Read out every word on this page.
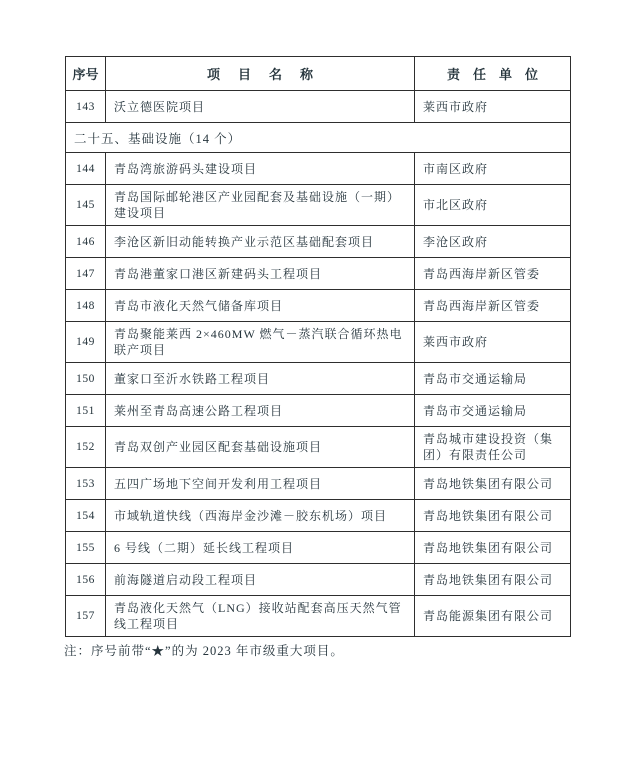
序号	项目名称	责任单位
143	沃立德医院项目	莱西市政府
二十五、基础设施（14 个）		
144	青岛湾旅游码头建设项目	市南区政府
145	青岛国际邮轮港区产业园配套及基础设施（一期）建设项目	市北区政府
146	李沧区新旧动能转换产业示范区基础配套项目	李沧区政府
147	青岛港董家口港区新建码头工程项目	青岛西海岸新区管委
148	青岛市液化天然气储备库项目	青岛西海岸新区管委
149	青岛聚能莱西 2×460MW 燃气－蒸汽联合循环热电联产项目	莱西市政府
150	董家口至沂水铁路工程项目	青岛市交通运输局
151	莱州至青岛高速公路工程项目	青岛市交通运输局
152	青岛双创产业园区配套基础设施项目	青岛城市建设投资（集团）有限责任公司
153	五四广场地下空间开发利用工程项目	青岛地铁集团有限公司
154	市域轨道快线（西海岸金沙滩－胶东机场）项目	青岛地铁集团有限公司
155	6 号线（二期）延长线工程项目	青岛地铁集团有限公司
156	前海隧道启动段工程项目	青岛地铁集团有限公司
157	青岛液化天然气（LNG）接收站配套高压天然气管线工程项目	青岛能源集团有限公司

注：序号前带“★”的为 2023 年市级重大项目。
